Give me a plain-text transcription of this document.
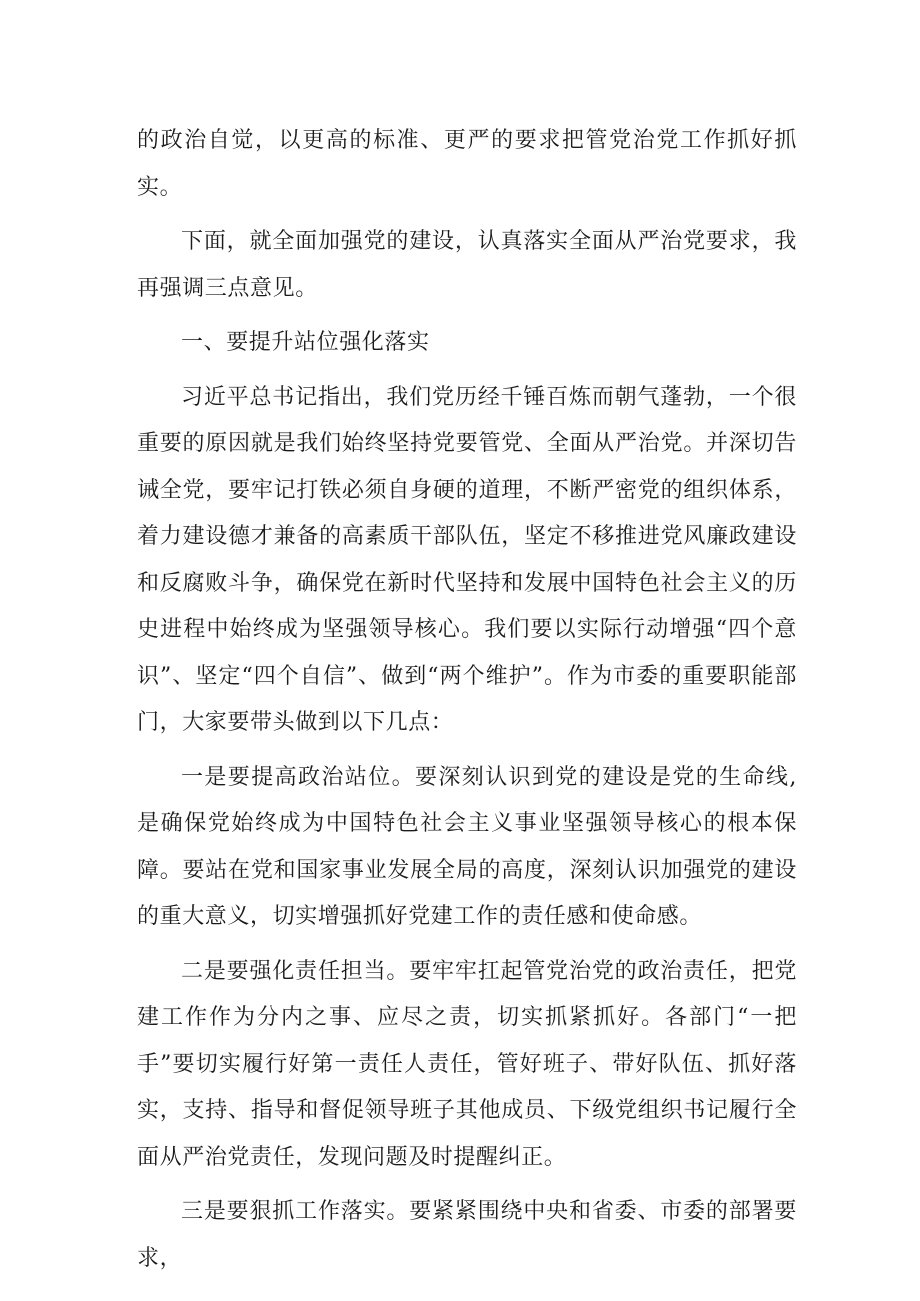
的政治自觉，以更高的标准、更严的要求把管党治党工作抓好抓实。

下面，就全面加强党的建设，认真落实全面从严治党要求，我再强调三点意见。

一、要提升站位强化落实

习近平总书记指出，我们党历经千锤百炼而朝气蓬勃，一个很重要的原因就是我们始终坚持党要管党、全面从严治党。并深切告诫全党，要牢记打铁必须自身硬的道理，不断严密党的组织体系，着力建设德才兼备的高素质干部队伍，坚定不移推进党风廉政建设和反腐败斗争，确保党在新时代坚持和发展中国特色社会主义的历史进程中始终成为坚强领导核心。我们要以实际行动增强“四个意识”、坚定“四个自信”、做到“两个维护”。作为市委的重要职能部门，大家要带头做到以下几点：

一是要提高政治站位。要深刻认识到党的建设是党的生命线,是确保党始终成为中国特色社会主义事业坚强领导核心的根本保障。要站在党和国家事业发展全局的高度，深刻认识加强党的建设的重大意义，切实增强抓好党建工作的责任感和使命感。

二是要强化责任担当。要牢牢扛起管党治党的政治责任，把党建工作作为分内之事、应尽之责，切实抓紧抓好。各部门“一把手”要切实履行好第一责任人责任，管好班子、带好队伍、抓好落实，支持、指导和督促领导班子其他成员、下级党组织书记履行全面从严治党责任，发现问题及时提醒纠正。

三是要狠抓工作落实。要紧紧围绕中央和省委、市委的部署要求，
